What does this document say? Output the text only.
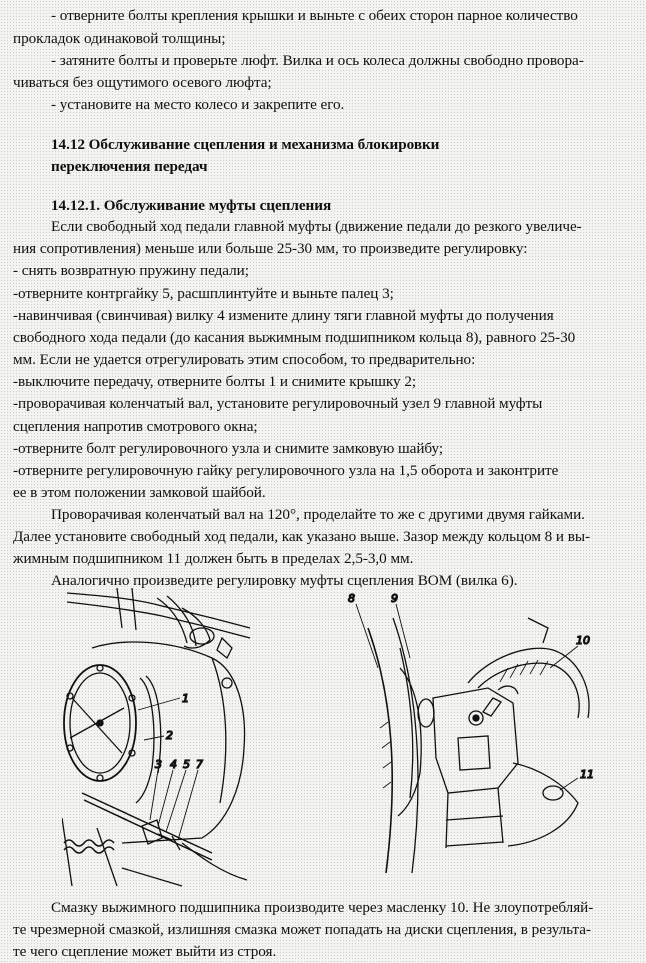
- отверните болты крепления крышки и выньте с обеих сторон парное количество
прокладок одинаковой толщины;
- затяните болты и проверьте люфт. Вилка и ось колеса должны свободно проворa-
чиваться без ощутимого осевого люфта;
- установите на место колесо и закрепите его.
14.12 Обслуживание сцепления и механизма блокировки
переключения передач
14.12.1. Обслуживание муфты сцепления
Если свободный ход педали главной муфты (движение педали до резкого увеличе-
ния сопротивления) меньше или больше 25-30 мм, то произведите регулировку:
- снять возвратную пружину педали;
-отверните контргайку 5, расшплинтуйте и выньте палец 3;
-навинчивая (свинчивая) вилку 4 измените длину тяги главной муфты до получения
свободного хода педали (до касания выжимным подшипником кольца 8), равного 25-30
мм. Если не удается отрегулировать этим способом, то предварительно:
-выключите передачу, отверните болты 1 и снимите крышку 2;
-проворачивая коленчатый вал, установите регулировочный узел 9 главной муфты
сцепления напротив смотрового окна;
-отверните болт регулировочного узла и снимите замковую шайбу;
-отверните регулировочную гайку регулировочного узла на 1,5 оборота и законтрите
ее в этом положении замковой шайбой.
Проворачивая коленчатый вал на 120°, проделайте то же с другими двумя гайками.
Далее установите свободный ход педали, как указано выше. Зазор между кольцом 8 и вы-
жимным подшипником 11 должен быть в пределах 2,5-3,0 мм.
Аналогично произведите регулировку муфты сцепления ВОМ (вилка 6).
Смазку выжимного подшипника производите через масленку 10. Не злоупотребляй-
те чрезмерной смазкой, излишняя смазка может попадать на диски сцепления, в результа-
те чего сцепление может выйти из строя.
1
2
3 4 5 7
8	9
10
11
